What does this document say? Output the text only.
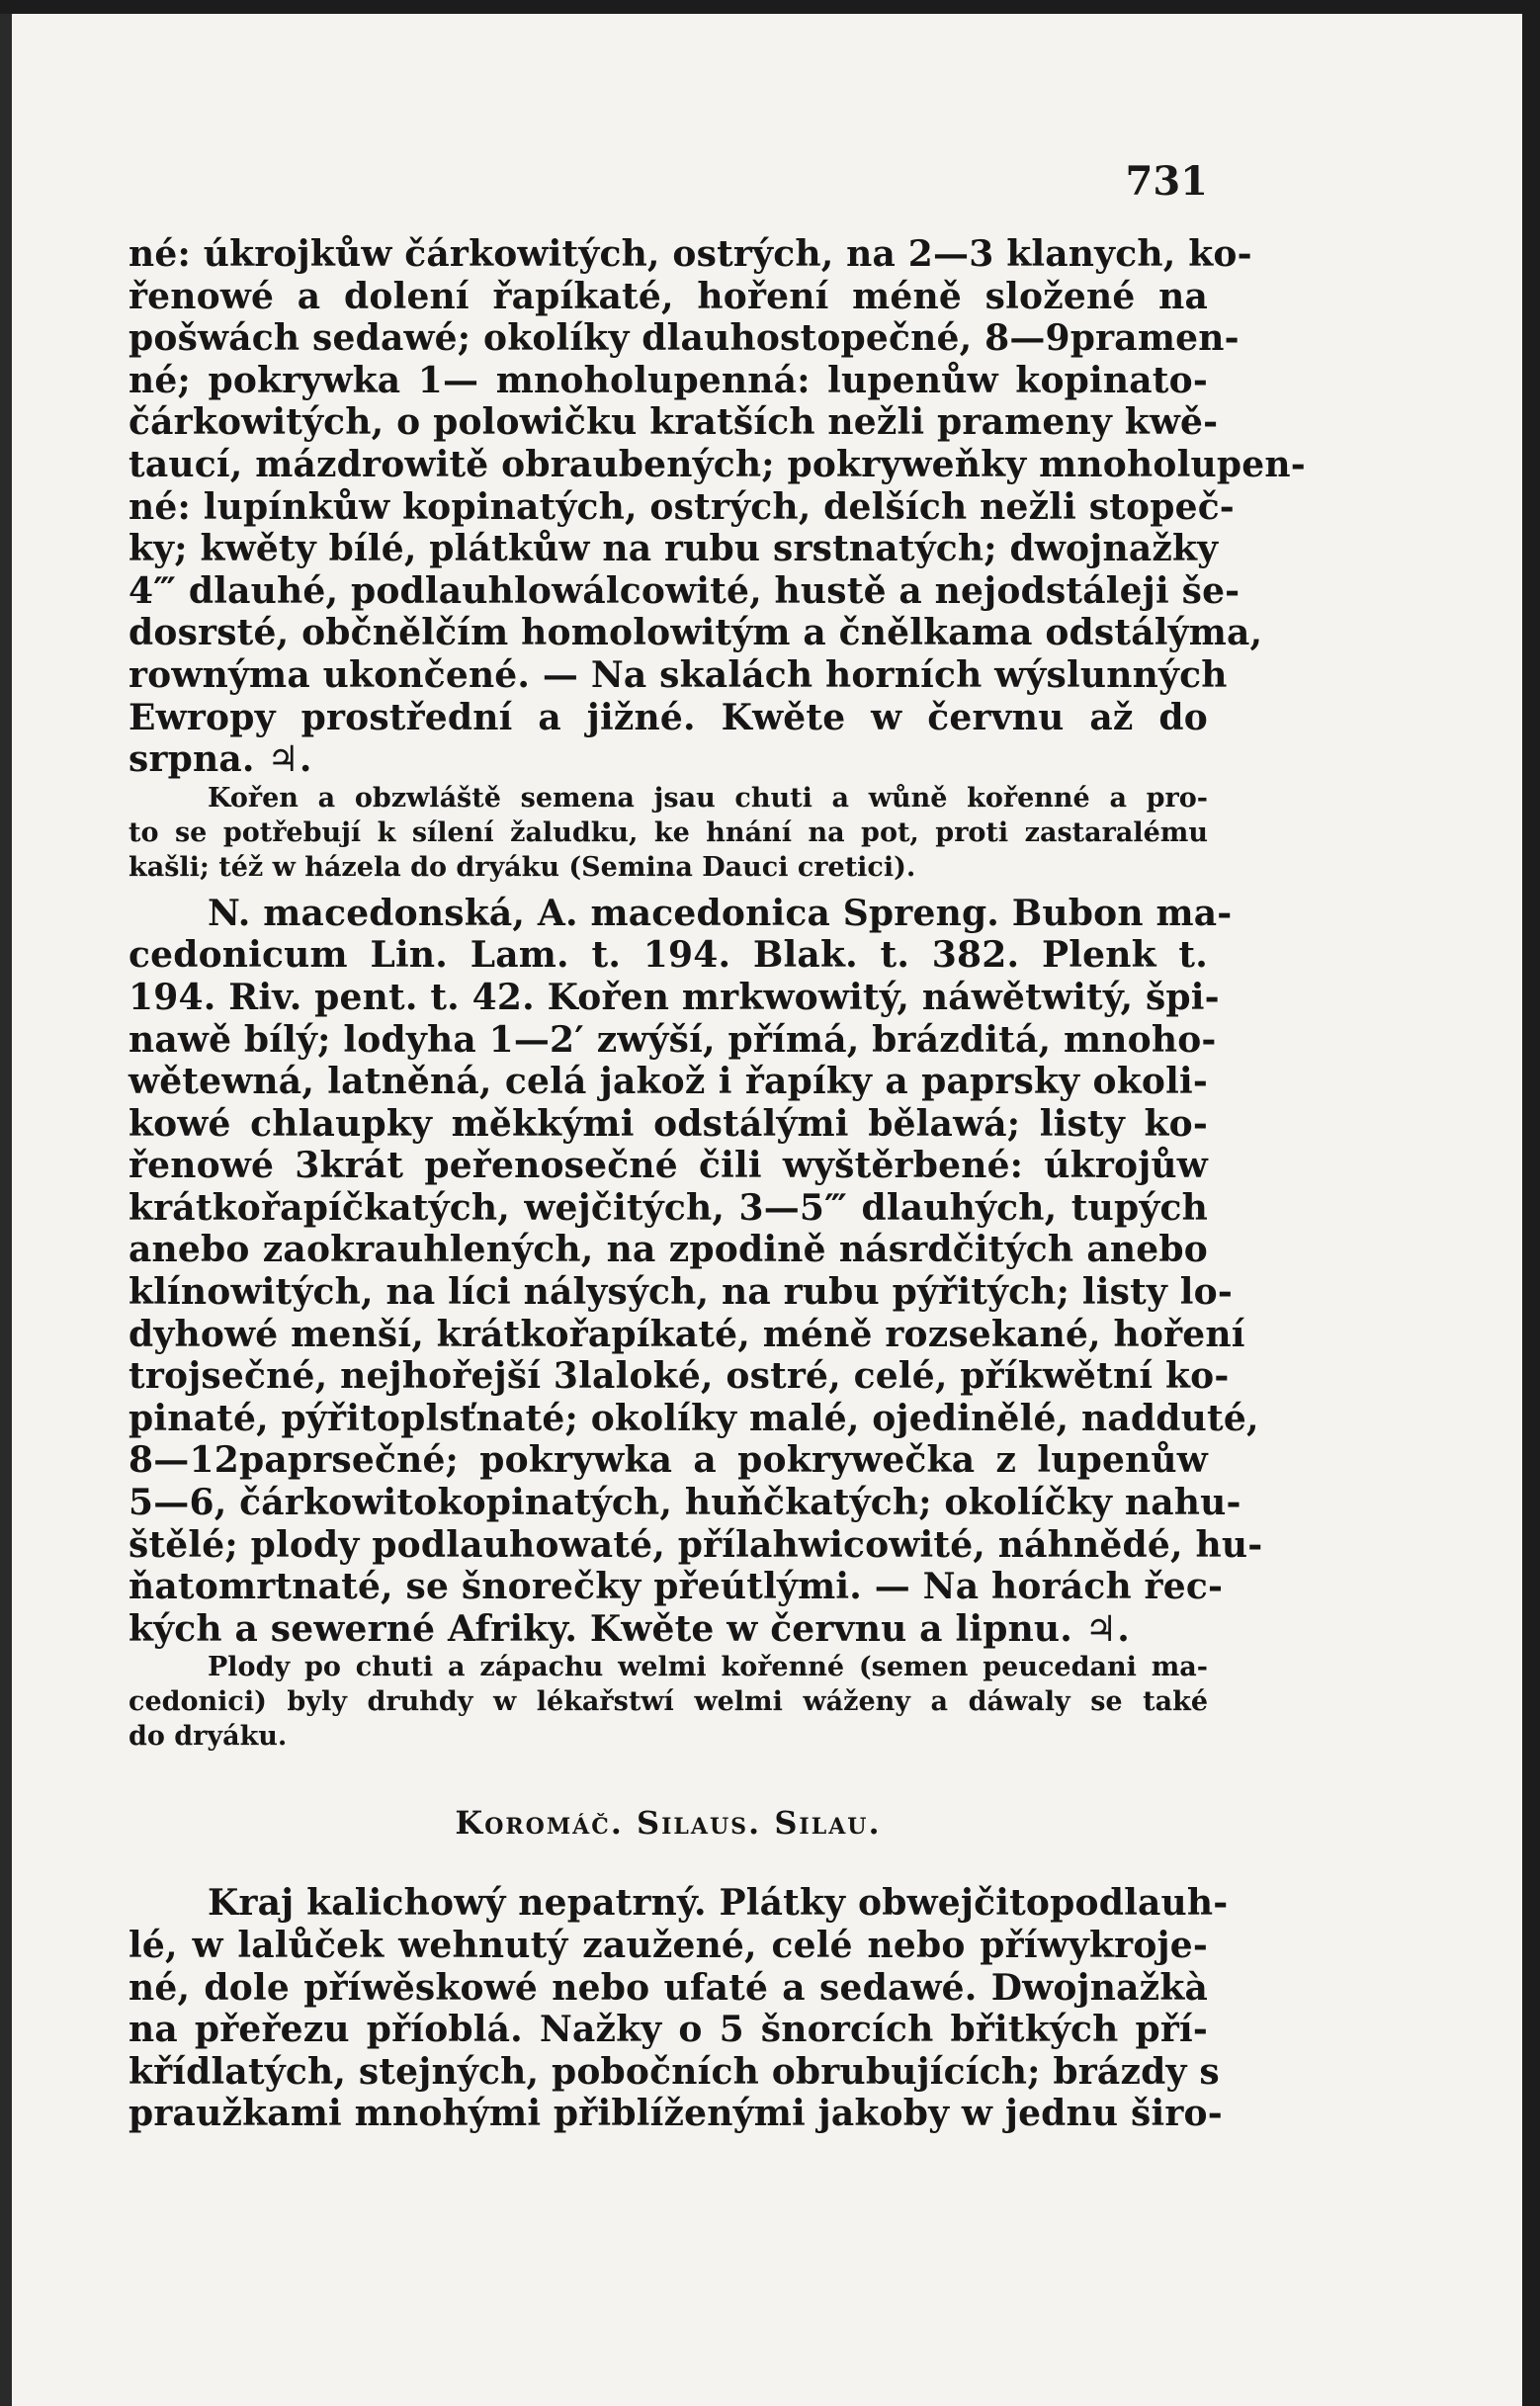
731
né: úkrojkůw čárkowitých, ostrých, na 2—3 klanych, ko-
řenowé a dolení řapíkaté, hoření méně složené na
pošwách sedawé; okolíky dlauhostopečné, 8—9pramen-
né; pokrywka 1— mnoholupenná: lupenůw kopinato-
čárkowitých, o polowičku kratších nežli prameny kwě-
taucí, mázdrowitě obraubených; pokryweňky mnoholupen-
né: lupínkůw kopinatých, ostrých, delších nežli stopeč-
ky; kwěty bílé, plátkůw na rubu srstnatých; dwojnažky
4‴ dlauhé, podlauhlowálcowité, hustě a nejodstáleji še-
dosrsté, občnělčím homolowitým a čnělkama odstálýma,
rownýma ukončené. — Na skalách horních wýslunných
Ewropy prostřední a jižné. Kwěte w červnu až do
srpna. ♃.
Kořen a obzwláště semena jsau chuti a wůně kořenné a pro-
to se potřebují k sílení žaludku, ke hnání na pot, proti zastaralému
kašli; též w házela do dryáku (Semina Dauci cretici).
N. macedonská, A. macedonica Spreng. Bubon ma-
cedonicum Lin. Lam. t. 194. Blak. t. 382. Plenk t.
194. Riv. pent. t. 42. Kořen mrkwowitý, náwětwitý, špi-
nawě bílý; lodyha 1—2′ zwýší, přímá, brázditá, mnoho-
wětewná, latněná, celá jakož i řapíky a paprsky okoli-
kowé chlaupky měkkými odstálými bělawá; listy ko-
řenowé 3krát peřenosečné čili wyštěrbené: úkrojůw
krátkořapíčkatých, wejčitých, 3—5‴ dlauhých, tupých
anebo zaokrauhlených, na zpodině násrdčitých anebo
klínowitých, na líci nálysých, na rubu pýřitých; listy lo-
dyhowé menší, krátkořapíkaté, méně rozsekané, hoření
trojsečné, nejhořejší 3laloké, ostré, celé, příkwětní ko-
pinaté, pýřitoplsťnaté; okolíky malé, ojedinělé, nadduté,
8—12paprsečné; pokrywka a pokrywečka z lupenůw
5—6, čárkowitokopinatých, huňčkatých; okolíčky nahu-
štělé; plody podlauhowaté, přílahwicowité, náhnědé, hu-
ňatomrtnaté, se šnorečky přeútlými. — Na horách řec-
kých a sewerné Afriky. Kwěte w červnu a lipnu. ♃.
Plody po chuti a zápachu welmi kořenné (semen peucedani ma-
cedonici) byly druhdy w lékařstwí welmi wáženy a dáwaly se také
do dryáku.
Koromáč. Silaus. Silau.
Kraj kalichowý nepatrný. Plátky obwejčitopodlauh-
lé, w lalůček wehnutý zaužené, celé nebo příwykroje-
né, dole příwěskowé nebo ufaté a sedawé. Dwojnažkà
na přeřezu příoblá. Nažky o 5 šnorcích břitkých pří-
křídlatých, stejných, pobočních obrubujících; brázdy s
praužkami mnohými přiblíženými jakoby w jednu širo-
